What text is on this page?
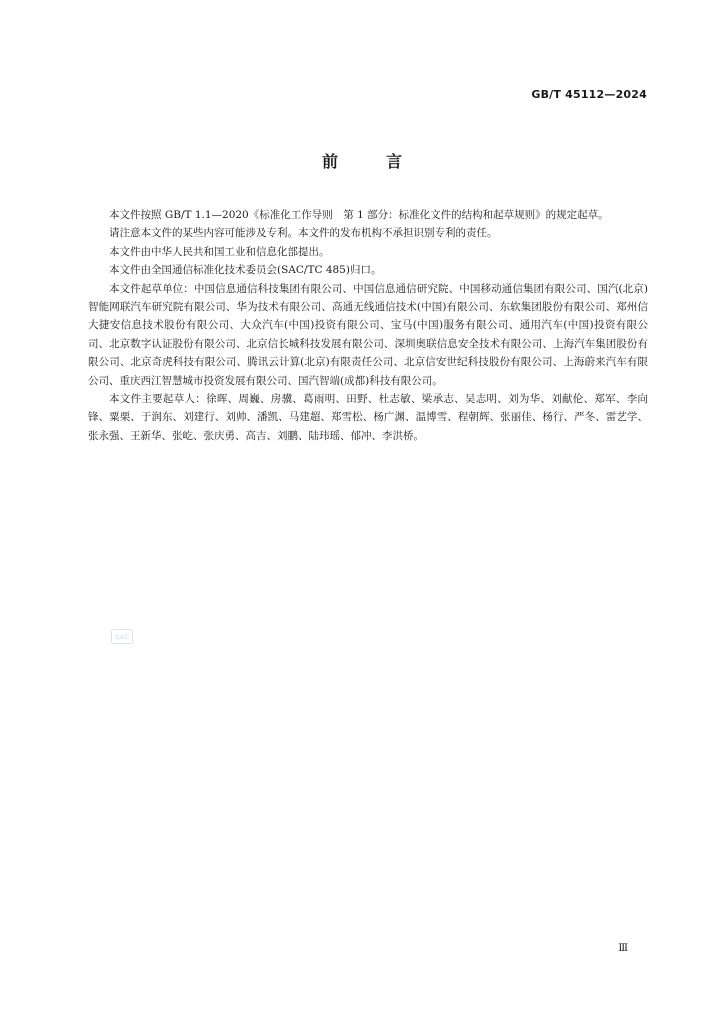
GB/T 45112—2024
前言

本文件按照 GB/T 1.1—2020《标准化工作导则　第 1 部分：标准化文件的结构和起草规则》的规定起草。

请注意本文件的某些内容可能涉及专利。本文件的发布机构不承担识别专利的责任。

本文件由中华人民共和国工业和信息化部提出。

本文件由全国通信标准化技术委员会(SAC/TC 485)归口。

本文件起草单位：中国信息通信科技集团有限公司、中国信息通信研究院、中国移动通信集团有限公司、国汽(北京)智能网联汽车研究院有限公司、华为技术有限公司、高通无线通信技术(中国)有限公司、东软集团股份有限公司、郑州信大捷安信息技术股份有限公司、大众汽车(中国)投资有限公司、宝马(中国)服务有限公司、通用汽车(中国)投资有限公司、北京数字认证股份有限公司、北京信长城科技发展有限公司、深圳奥联信息安全技术有限公司、上海汽车集团股份有限公司、北京奇虎科技有限公司、腾讯云计算(北京)有限责任公司、北京信安世纪科技股份有限公司、上海蔚来汽车有限公司、重庆西江智慧城市投资发展有限公司、国汽智端(成都)科技有限公司。

本文件主要起草人：徐晖、周巍、房骥、葛雨明、田野、杜志敏、梁承志、吴志明、刘为华、刘献伦、郑军、李向锋、粟栗、于润东、刘建行、刘帅、潘凯、马建超、郑雪松、杨广渊、温博雪、程朝辉、张丽佳、杨行、严冬、雷艺学、张永强、王新华、张屹、张庆勇、高吉、刘鹏、陆玮瑶、郁冲、李洪桥。

SAC
Ⅲ
